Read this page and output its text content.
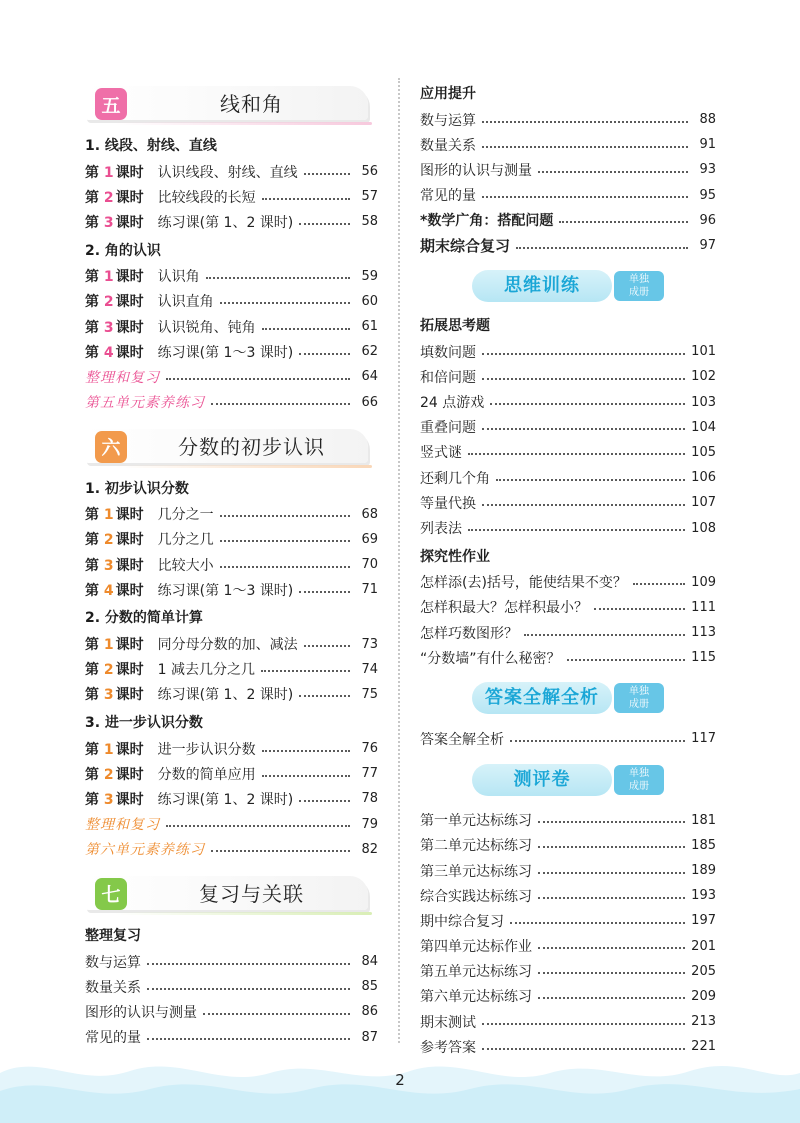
五	线和角
1. 线段、射线、直线
第 1 课时 认识线段、射线、直线	56
第 2 课时 比较线段的长短	57
第 3 课时 练习课(第 1、2 课时)	58
2. 角的认识
第 1 课时 认识角	59
第 2 课时 认识直角	60
第 3 课时 认识锐角、钝角	61
第 4 课时 练习课(第 1～3 课时)	62
整理和复习	64
第五单元素养练习	66
六	分数的初步认识
1. 初步认识分数
第 1 课时 几分之一	68
第 2 课时 几分之几	69
第 3 课时 比较大小	70
第 4 课时 练习课(第 1～3 课时)	71
2. 分数的简单计算
第 1 课时 同分母分数的加、减法	73
第 2 课时 1 减去几分之几	74
第 3 课时 练习课(第 1、2 课时)	75
3. 进一步认识分数
第 1 课时 进一步认识分数	76
第 2 课时 分数的简单应用	77
第 3 课时 练习课(第 1、2 课时)	78
整理和复习	79
第六单元素养练习	82
七	复习与关联
整理复习
数与运算	84
数量关系	85
图形的认识与测量	86
常见的量	87
应用提升
数与运算	88
数量关系	91
图形的认识与测量	93
常见的量	95
*数学广角：搭配问题	96
期末综合复习	97
思维训练	单独
成册
拓展思考题
填数问题	101
和倍问题	102
24 点游戏	103
重叠问题	104
竖式谜	105
还剩几个角	106
等量代换	107
列表法	108
探究性作业
怎样添(去)括号，能使结果不变？	109
怎样积最大？怎样积最小？	111
怎样巧数图形？	113
“分数墙”有什么秘密？	115
答案全解全析	单独
成册
答案全解全析	117
测评卷	单独
成册
第一单元达标练习	181
第二单元达标练习	185
第三单元达标练习	189
综合实践达标练习	193
期中综合复习	197
第四单元达标作业	201
第五单元达标练习	205
第六单元达标练习	209
期末测试	213
参考答案	221
2
